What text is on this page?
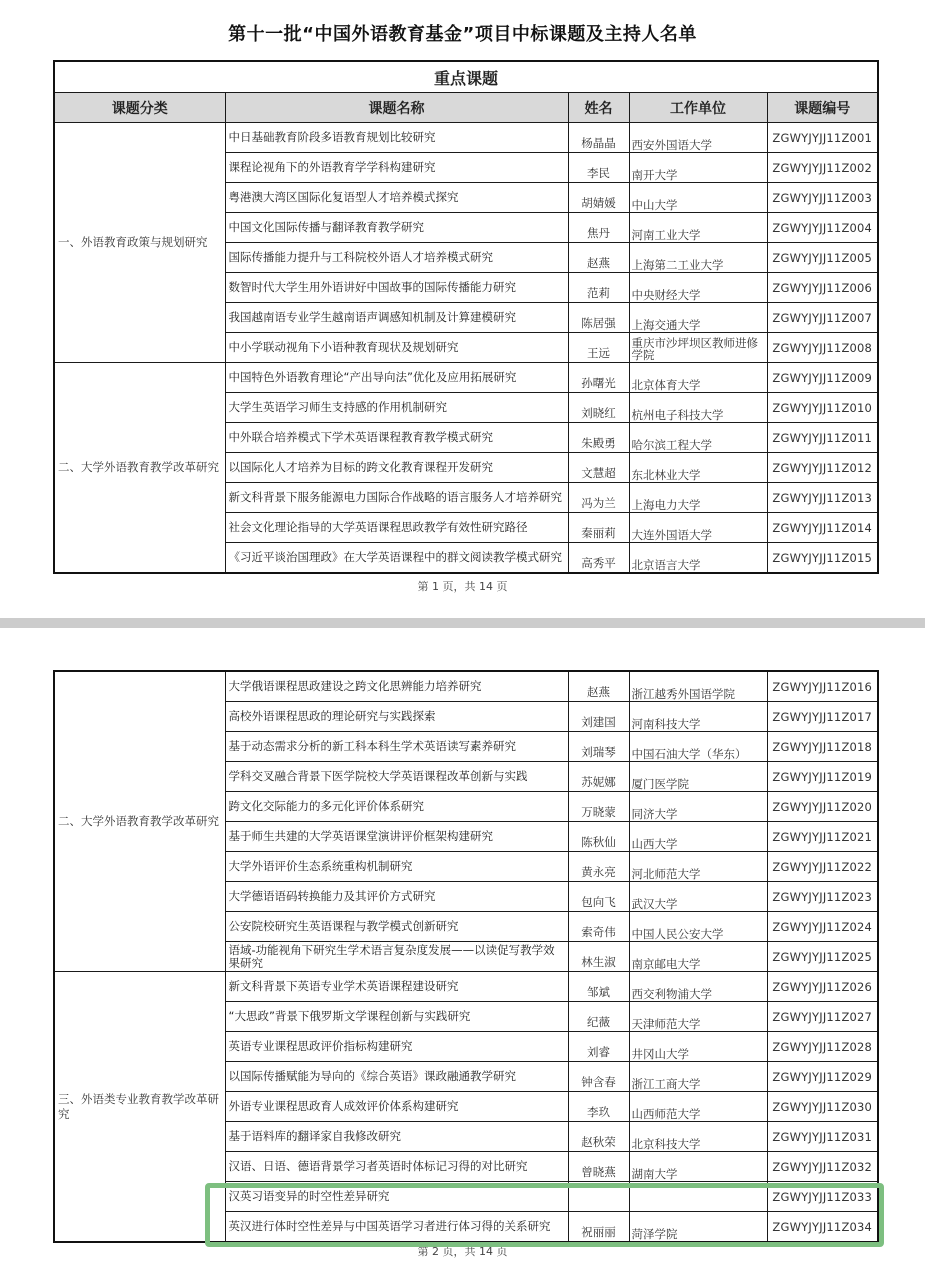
第十一批“中国外语教育基金”项目中标课题及主持人名单
重点课题				
课题分类	课题名称	姓名	工作单位	课题编号
一、外语教育政策与规划研究	中日基础教育阶段多语教育规划比较研究	杨晶晶	西安外国语大学	ZGWYJYJJ11Z001
	课程论视角下的外语教育学学科构建研究	李民	南开大学	ZGWYJYJJ11Z002
	粤港澳大湾区国际化复语型人才培养模式探究	胡婧媛	中山大学	ZGWYJYJJ11Z003
	中国文化国际传播与翻译教育教学研究	焦丹	河南工业大学	ZGWYJYJJ11Z004
	国际传播能力提升与工科院校外语人才培养模式研究	赵燕	上海第二工业大学	ZGWYJYJJ11Z005
	数智时代大学生用外语讲好中国故事的国际传播能力研究	范莉	中央财经大学	ZGWYJYJJ11Z006
	我国越南语专业学生越南语声调感知机制及计算建模研究	陈居强	上海交通大学	ZGWYJYJJ11Z007
	中小学联动视角下小语种教育现状及规划研究	王远	重庆市沙坪坝区教师进修学院	ZGWYJYJJ11Z008
二、大学外语教育教学改革研究	中国特色外语教育理论“产出导向法”优化及应用拓展研究	孙曙光	北京体育大学	ZGWYJYJJ11Z009
	大学生英语学习师生支持感的作用机制研究	刘晓红	杭州电子科技大学	ZGWYJYJJ11Z010
	中外联合培养模式下学术英语课程教育教学模式研究	朱殿勇	哈尔滨工程大学	ZGWYJYJJ11Z011
	以国际化人才培养为目标的跨文化教育课程开发研究	文慧超	东北林业大学	ZGWYJYJJ11Z012
	新文科背景下服务能源电力国际合作战略的语言服务人才培养研究	冯为兰	上海电力大学	ZGWYJYJJ11Z013
	社会文化理论指导的大学英语课程思政教学有效性研究路径	秦丽莉	大连外国语大学	ZGWYJYJJ11Z014
	《习近平谈治国理政》在大学英语课程中的群文阅读教学模式研究	高秀平	北京语言大学	ZGWYJYJJ11Z015
第 1 页，共 14 页
二、大学外语教育教学改革研究	大学俄语课程思政建设之跨文化思辨能力培养研究	赵燕	浙江越秀外国语学院	ZGWYJYJJ11Z016
	高校外语课程思政的理论研究与实践探索	刘建国	河南科技大学	ZGWYJYJJ11Z017
	基于动态需求分析的新工科本科生学术英语读写素养研究	刘瑞琴	中国石油大学（华东）	ZGWYJYJJ11Z018
	学科交叉融合背景下医学院校大学英语课程改革创新与实践	苏妮娜	厦门医学院	ZGWYJYJJ11Z019
	跨文化交际能力的多元化评价体系研究	万晓蒙	同济大学	ZGWYJYJJ11Z020
	基于师生共建的大学英语课堂演讲评价框架构建研究	陈秋仙	山西大学	ZGWYJYJJ11Z021
	大学外语评价生态系统重构机制研究	黄永亮	河北师范大学	ZGWYJYJJ11Z022
	大学德语语码转换能力及其评价方式研究	包向飞	武汉大学	ZGWYJYJJ11Z023
	公安院校研究生英语课程与教学模式创新研究	索奇伟	中国人民公安大学	ZGWYJYJJ11Z024
	语域-功能视角下研究生学术语言复杂度发展——以读促写教学效果研究	林生淑	南京邮电大学	ZGWYJYJJ11Z025
三、外语类专业教育教学改革研究	新文科背景下英语专业学术英语课程建设研究	邹斌	西交利物浦大学	ZGWYJYJJ11Z026
	“大思政”背景下俄罗斯文学课程创新与实践研究	纪薇	天津师范大学	ZGWYJYJJ11Z027
	英语专业课程思政评价指标构建研究	刘睿	井冈山大学	ZGWYJYJJ11Z028
	以国际传播赋能为导向的《综合英语》课政融通教学研究	钟含春	浙江工商大学	ZGWYJYJJ11Z029
	外语专业课程思政育人成效评价体系构建研究	李玖	山西师范大学	ZGWYJYJJ11Z030
	基于语料库的翻译家自我修改研究	赵秋荣	北京科技大学	ZGWYJYJJ11Z031
	汉语、日语、德语背景学习者英语时体标记习得的对比研究	曾晓燕	湖南大学	ZGWYJYJJ11Z032
	汉英习语变异的时空性差异研究			ZGWYJYJJ11Z033
	英汉进行体时空性差异与中国英语学习者进行体习得的关系研究	祝丽丽	菏泽学院	ZGWYJYJJ11Z034
第 2 页，共 14 页
